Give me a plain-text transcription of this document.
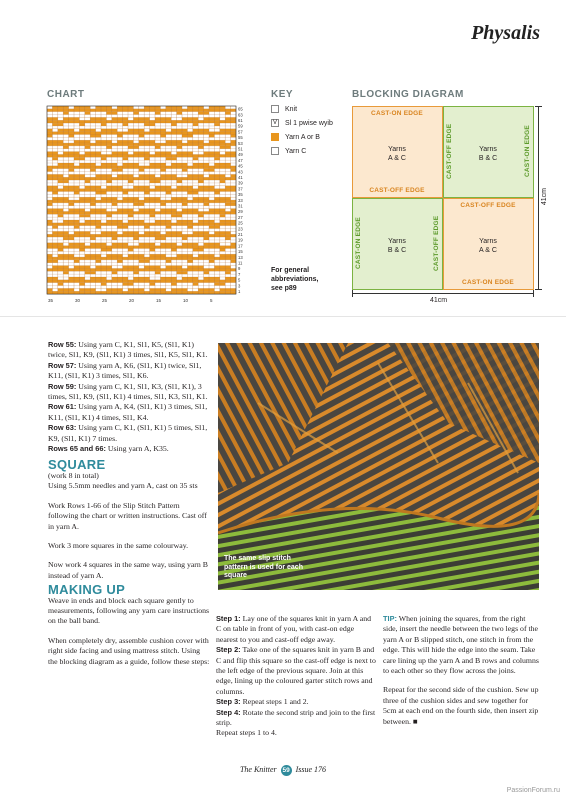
Physalis
CHART
65
63
61
59
57
55
53
51
49
47
45
43
41
39
37
35
33
31
29
27
25
23
21
19
17
15
13
11
9
7
5
3
1
35	30	25	20	15	10	5
KEY
Knit
V Sl 1 pwise wyib
Yarn A or B
Yarn C
For general abbreviations, see p89
BLOCKING DIAGRAM
CAST-ON EDGE
Yarns
A & C
CAST-OFF EDGE
CAST-OFF EDGE	Yarns
B & C	CAST-ON EDGE
CAST-ON EDGE	Yarns
B & C	CAST-OFF EDGE
CAST-OFF EDGE
Yarns
A & C
CAST-ON EDGE
41cm
41cm
Row 55: Using yarn C, K1, Sl1, K5, (Sl1, K1) twice, Sl1, K9, (Sl1, K1) 3 times, Sl1, K5, Sl1, K1.
Row 57: Using yarn A, K6, (Sl1, K1) twice, Sl1, K11, (Sl1, K1) 3 times, Sl1, K6.
Row 59: Using yarn C, K1, Sl1, K3, (Sl1, K1), 3 times, Sl1, K9, (Sl1, K1) 4 times, Sl1, K3, Sl1, K1.
Row 61: Using yarn A, K4, (Sl1, K1) 3 times, Sl1, K11, (Sl1, K1) 4 times, Sl1, K4.
Row 63: Using yarn C, K1, (Sl1, K1) 5 times, Sl1, K9, (Sl1, K1) 7 times.
Rows 65 and 66: Using yarn A, K35.
SQUARE
(work 8 in total)

Using 5.5mm needles and yarn A, cast on 35 sts

Work Rows 1-66 of the Slip Stitch Pattern following the chart or written instructions. Cast off in yarn A.

Work 3 more squares in the same colourway.

Now work 4 squares in the same way, using yarn B instead of yarn A.

MAKING UP

Weave in ends and block each square gently to measurements, following any yarn care instructions on the ball band.

When completely dry, assemble cushion cover with right side facing and using mattress stitch. Using the blocking diagram as a guide, follow these steps:

The same slip stitch pattern is used for each square
Step 1: Lay one of the squares knit in yarn A and C on table in front of you, with cast-on edge nearest to you and cast-off edge away.
Step 2: Take one of the squares knit in yarn B and C and flip this square so the cast-off edge is next to the left edge of the previous square. Join at this edge, lining up the coloured garter stitch rows and columns.
Step 3: Repeat steps 1 and 2.
Step 4: Rotate the second strip and join to the first strip.
Repeat steps 1 to 4.

TIP: When joining the squares, from the right side, insert the needle between the two legs of the yarn A or B slipped stitch, one stitch in from the edge. This will hide the edge into the seam. Take care lining up the yarn A and B rows and columns to each other so they flow across the joins.

Repeat for the second side of the cushion. Sew up three of the cushion sides and sew together for 5cm at each end on the fourth side, then insert zip between. ■

The Knitter 59 Issue 176
PassionForum.ru
